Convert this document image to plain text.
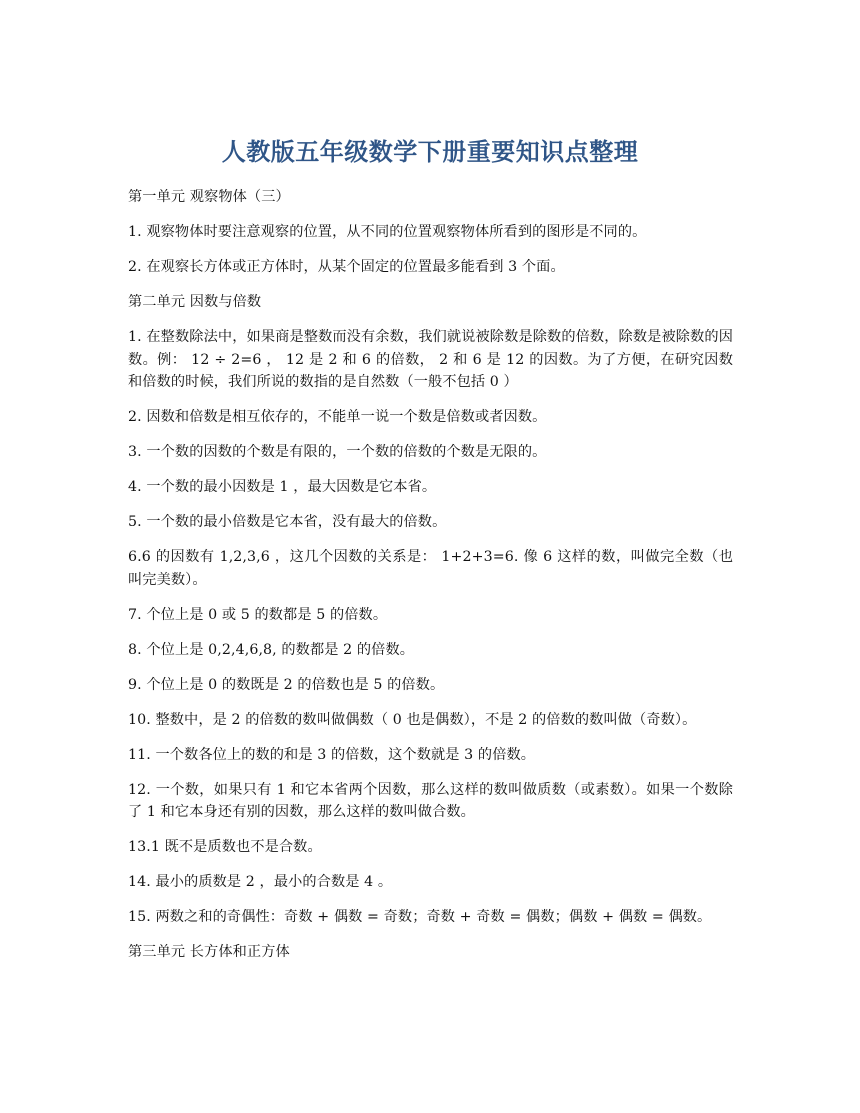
人教版五年级数学下册重要知识点整理

第一单元 观察物体（三）

1. 观察物体时要注意观察的位置，从不同的位置观察物体所看到的图形是不同的。

2. 在观察长方体或正方体时，从某个固定的位置最多能看到 3 个面。

第二单元 因数与倍数

1. 在整数除法中，如果商是整数而没有余数，我们就说被除数是除数的倍数，除数是被除数的因数。例： 12 ÷ 2=6 ， 12 是 2 和 6 的倍数， 2 和 6 是 12 的因数。为了方便，在研究因数和倍数的时候，我们所说的数指的是自然数（一般不包括 0 ）

2. 因数和倍数是相互依存的，不能单一说一个数是倍数或者因数。

3. 一个数的因数的个数是有限的，一个数的倍数的个数是无限的。

4. 一个数的最小因数是 1 ，最大因数是它本省。

5. 一个数的最小倍数是它本省，没有最大的倍数。

6.6 的因数有 1,2,3,6 ，这几个因数的关系是： 1+2+3=6. 像 6 这样的数，叫做完全数（也叫完美数）。

7. 个位上是 0 或 5 的数都是 5 的倍数。

8. 个位上是 0,2,4,6,8, 的数都是 2 的倍数。

9. 个位上是 0 的数既是 2 的倍数也是 5 的倍数。

10. 整数中，是 2 的倍数的数叫做偶数（ 0 也是偶数），不是 2 的倍数的数叫做（奇数）。

11. 一个数各位上的数的和是 3 的倍数，这个数就是 3 的倍数。

12. 一个数，如果只有 1 和它本省两个因数，那么这样的数叫做质数（或素数）。如果一个数除了 1 和它本身还有别的因数，那么这样的数叫做合数。

13.1 既不是质数也不是合数。

14. 最小的质数是 2 ，最小的合数是 4 。

15. 两数之和的奇偶性：奇数 + 偶数 = 奇数；奇数 + 奇数 = 偶数；偶数 + 偶数 = 偶数。

第三单元 长方体和正方体
